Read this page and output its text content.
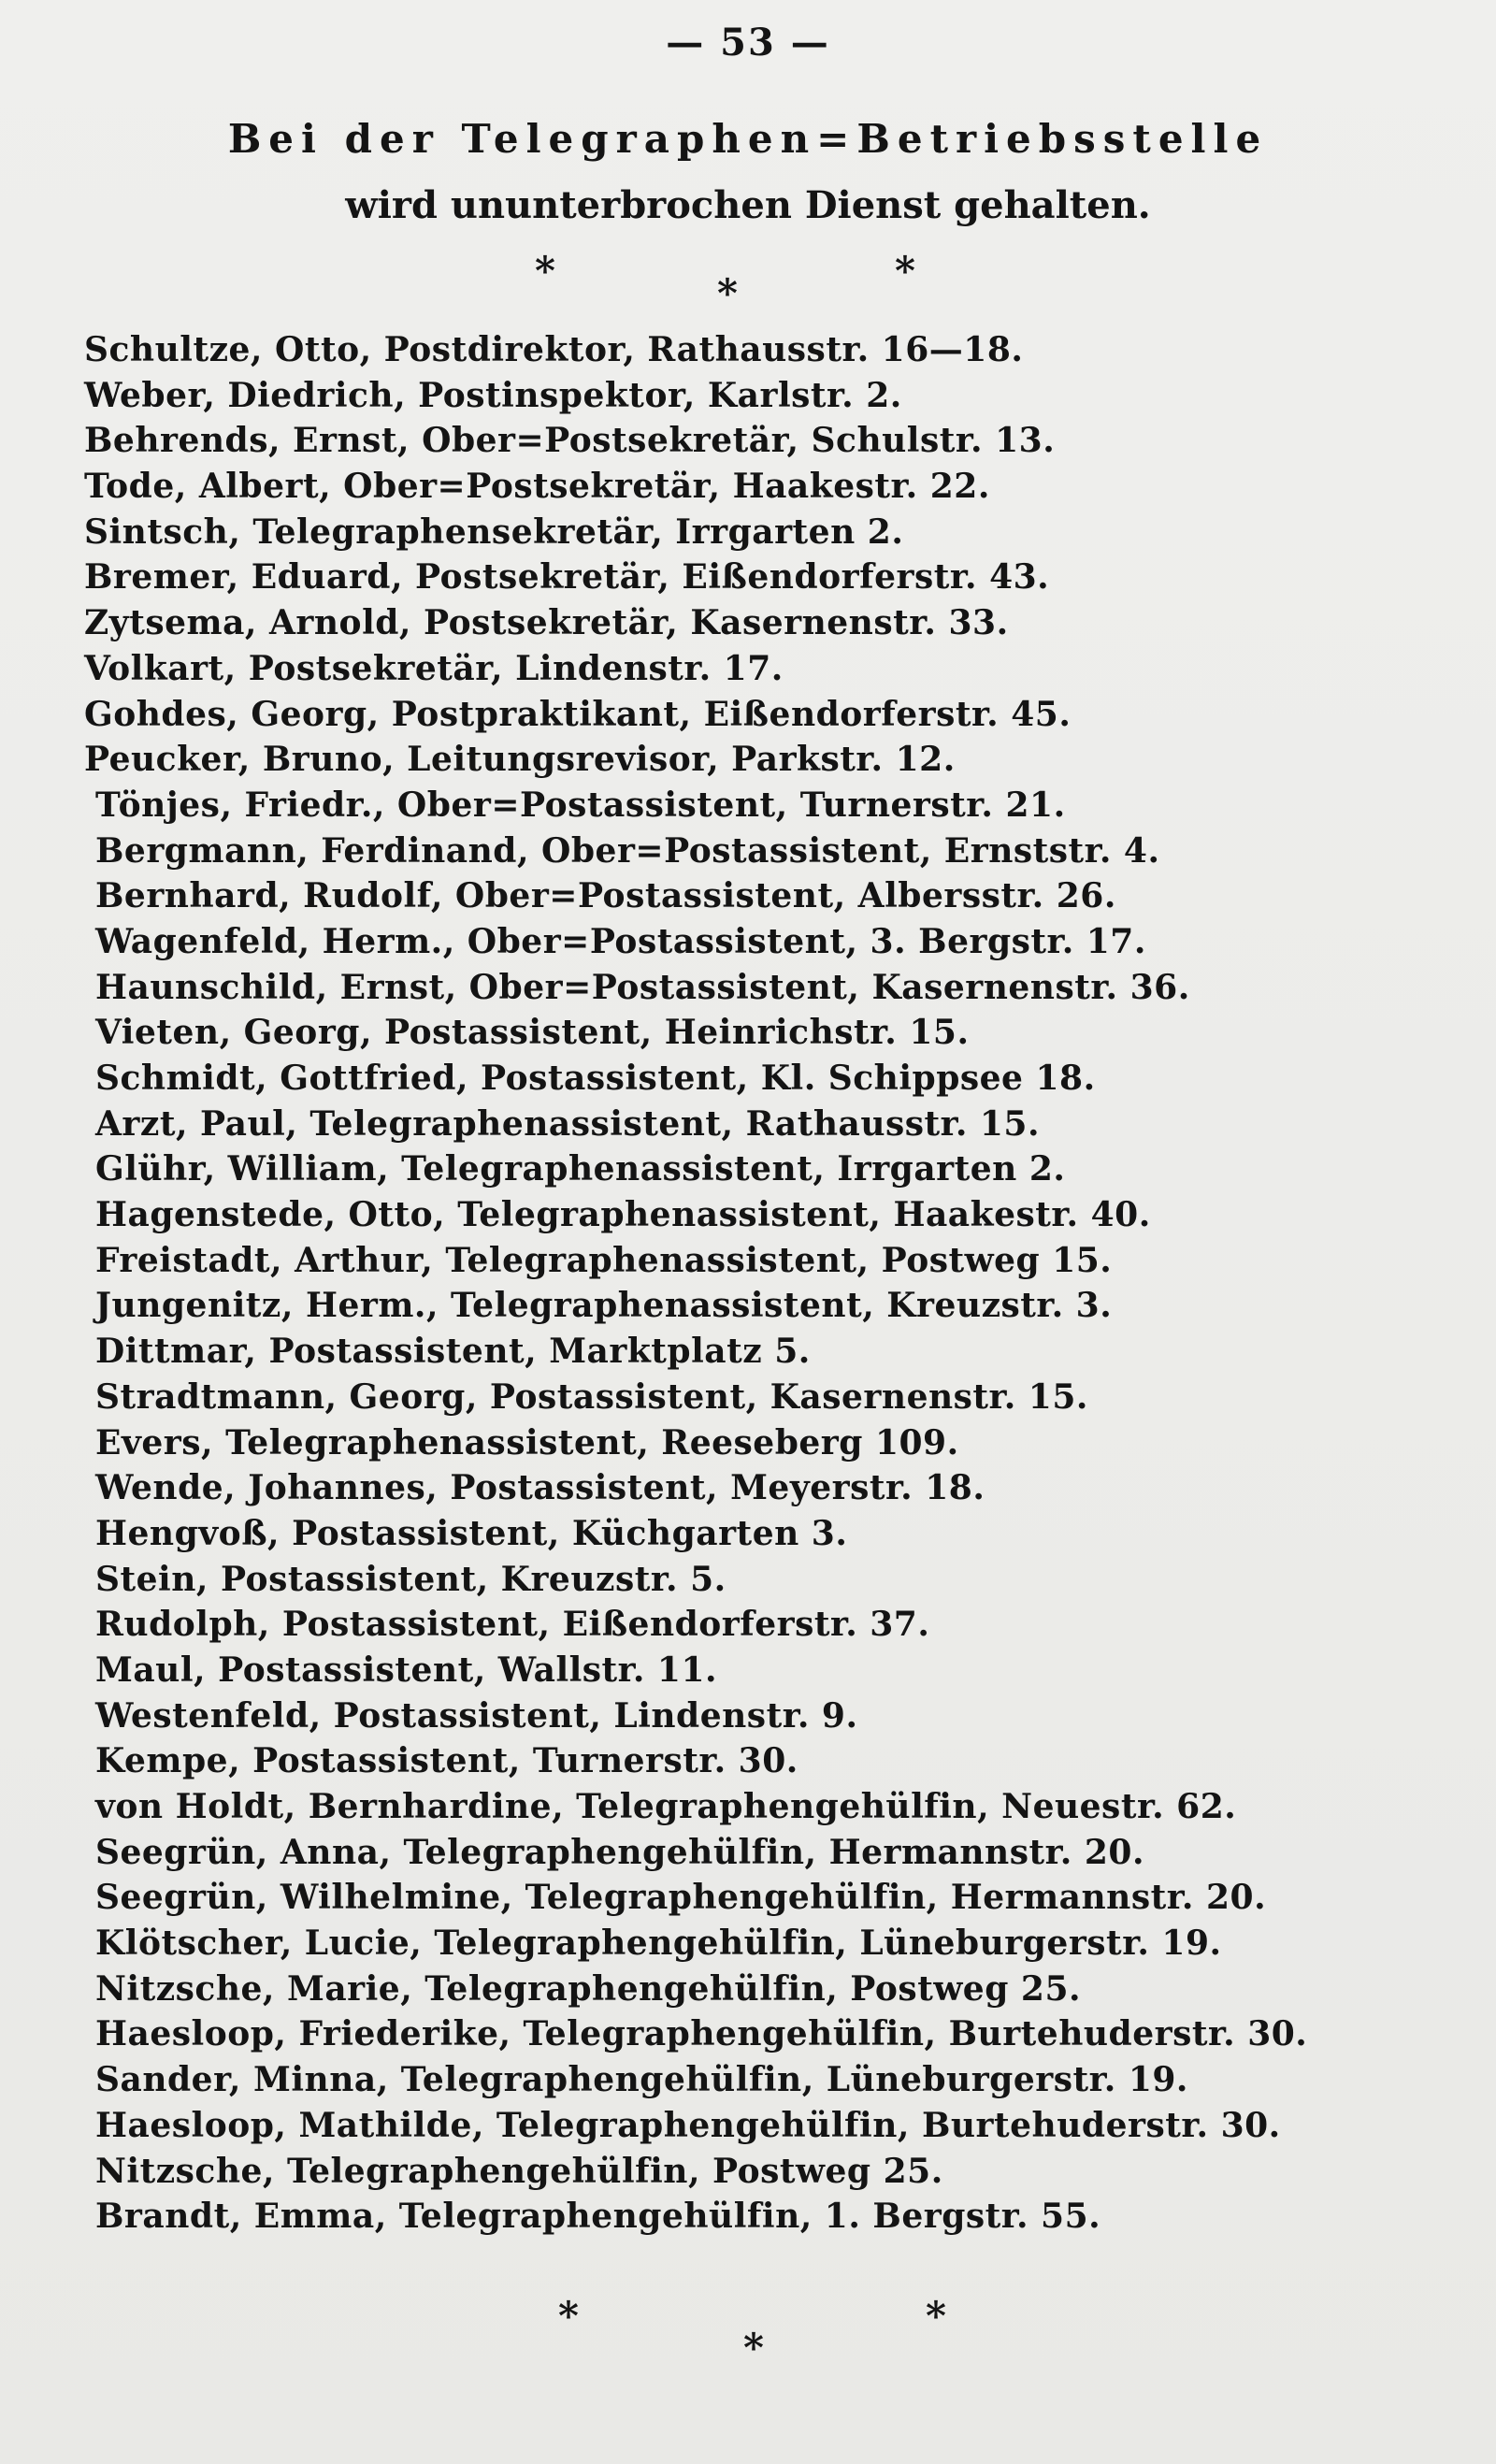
— 53 —
Bei der Telegraphen=Betriebsstelle
wird ununterbrochen Dienst gehalten.
*	*	*
Schultze, Otto, Postdirektor, Rathausstr. 16—18.
Weber, Diedrich, Postinspektor, Karlstr. 2.
Behrends, Ernst, Ober=Postsekretär, Schulstr. 13.
Tode, Albert, Ober=Postsekretär, Haakestr. 22.
Sintsch, Telegraphensekretär, Irrgarten 2.
Bremer, Eduard, Postsekretär, Eißendorferstr. 43.
Zytsema, Arnold, Postsekretär, Kasernenstr. 33.
Volkart, Postsekretär, Lindenstr. 17.
Gohdes, Georg, Postpraktikant, Eißendorferstr. 45.
Peucker, Bruno, Leitungsrevisor, Parkstr. 12.
Tönjes, Friedr., Ober=Postassistent, Turnerstr. 21.
Bergmann, Ferdinand, Ober=Postassistent, Ernststr. 4.
Bernhard, Rudolf, Ober=Postassistent, Albersstr. 26.
Wagenfeld, Herm., Ober=Postassistent, 3. Bergstr. 17.
Haunschild, Ernst, Ober=Postassistent, Kasernenstr. 36.
Vieten, Georg, Postassistent, Heinrichstr. 15.
Schmidt, Gottfried, Postassistent, Kl. Schippsee 18.
Arzt, Paul, Telegraphenassistent, Rathausstr. 15.
Glühr, William, Telegraphenassistent, Irrgarten 2.
Hagenstede, Otto, Telegraphenassistent, Haakestr. 40.
Freistadt, Arthur, Telegraphenassistent, Postweg 15.
Jungenitz, Herm., Telegraphenassistent, Kreuzstr. 3.
Dittmar, Postassistent, Marktplatz 5.
Stradtmann, Georg, Postassistent, Kasernenstr. 15.
Evers, Telegraphenassistent, Reeseberg 109.
Wende, Johannes, Postassistent, Meyerstr. 18.
Hengvoß, Postassistent, Küchgarten 3.
Stein, Postassistent, Kreuzstr. 5.
Rudolph, Postassistent, Eißendorferstr. 37.
Maul, Postassistent, Wallstr. 11.
Westenfeld, Postassistent, Lindenstr. 9.
Kempe, Postassistent, Turnerstr. 30.
von Holdt, Bernhardine, Telegraphengehülfin, Neuestr. 62.
Seegrün, Anna, Telegraphengehülfin, Hermannstr. 20.
Seegrün, Wilhelmine, Telegraphengehülfin, Hermannstr. 20.
Klötscher, Lucie, Telegraphengehülfin, Lüneburgerstr. 19.
Nitzsche, Marie, Telegraphengehülfin, Postweg 25.
Haesloop, Friederike, Telegraphengehülfin, Burtehuderstr. 30.
Sander, Minna, Telegraphengehülfin, Lüneburgerstr. 19.
Haesloop, Mathilde, Telegraphengehülfin, Burtehuderstr. 30.
Nitzsche, Telegraphengehülfin, Postweg 25.
Brandt, Emma, Telegraphengehülfin, 1. Bergstr. 55.
*
*
*
